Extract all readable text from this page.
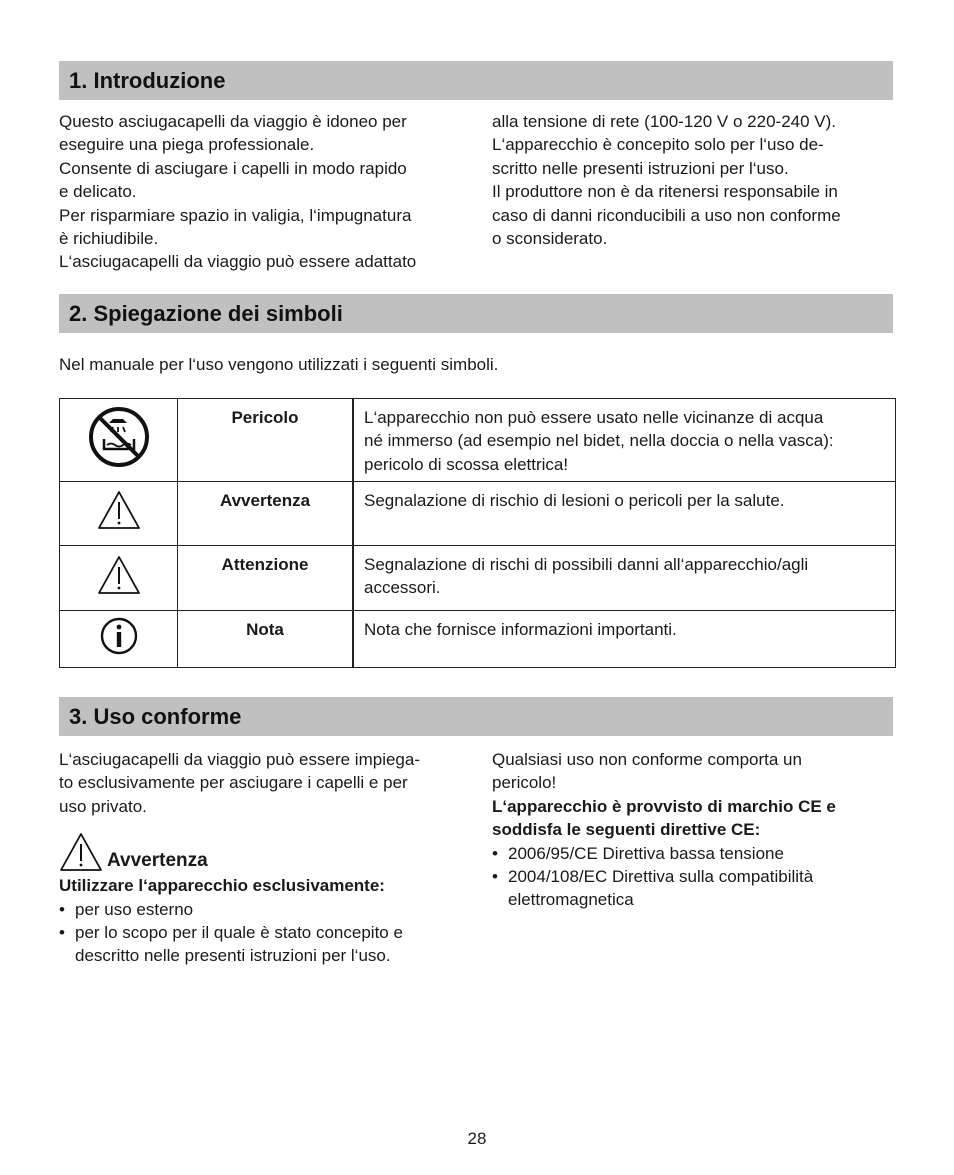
1. Introduzione

Questo asciugacapelli da viaggio è idoneo per

eseguire una piega professionale.

Consente di asciugare i capelli in modo rapido

e delicato.

Per risparmiare spazio in valigia, l‘impugnatura

è richiudibile.

L‘asciugacapelli da viaggio può essere adattato

alla tensione di rete (100-120 V o 220-240 V).

L‘apparecchio è concepito solo per l‘uso de-

scritto nelle presenti istruzioni per l‘uso.

Il produttore non è da ritenersi responsabile in

caso di danni riconducibili a uso non conforme

o sconsiderato.

2. Spiegazione dei simboli
Nel manuale per l‘uso vengono utilizzati i seguenti simboli.
	Pericolo	L‘apparecchio non può essere usato nelle vicinanze di acqua
né immerso (ad esempio nel bidet, nella doccia o nella vasca):
pericolo di scossa elettrica!

	Avvertenza	Segnalazione di rischio di lesioni o pericoli per la salute.

	Attenzione	Segnalazione di rischi di possibili danni all‘apparecchio/agli
accessori.

	Nota	Nota che fornisce informazioni importanti.
3. Uso conforme

L‘asciugacapelli da viaggio può essere impiega-

to esclusivamente per asciugare i capelli e per

uso privato.

Avvertenza

Utilizzare l‘apparecchio esclusivamente:

• per uso esterno
• per lo scopo per il quale è stato concepito e
descritto nelle presenti istruzioni per l‘uso.

Qualsiasi uso non conforme comporta un

pericolo!

L‘apparecchio è provvisto di marchio CE e

soddisfa le seguenti direttive CE:

• 2006/95/CE Direttiva bassa tensione
• 2004/108/EC Direttiva sulla compatibilità
elettromagnetica
28
